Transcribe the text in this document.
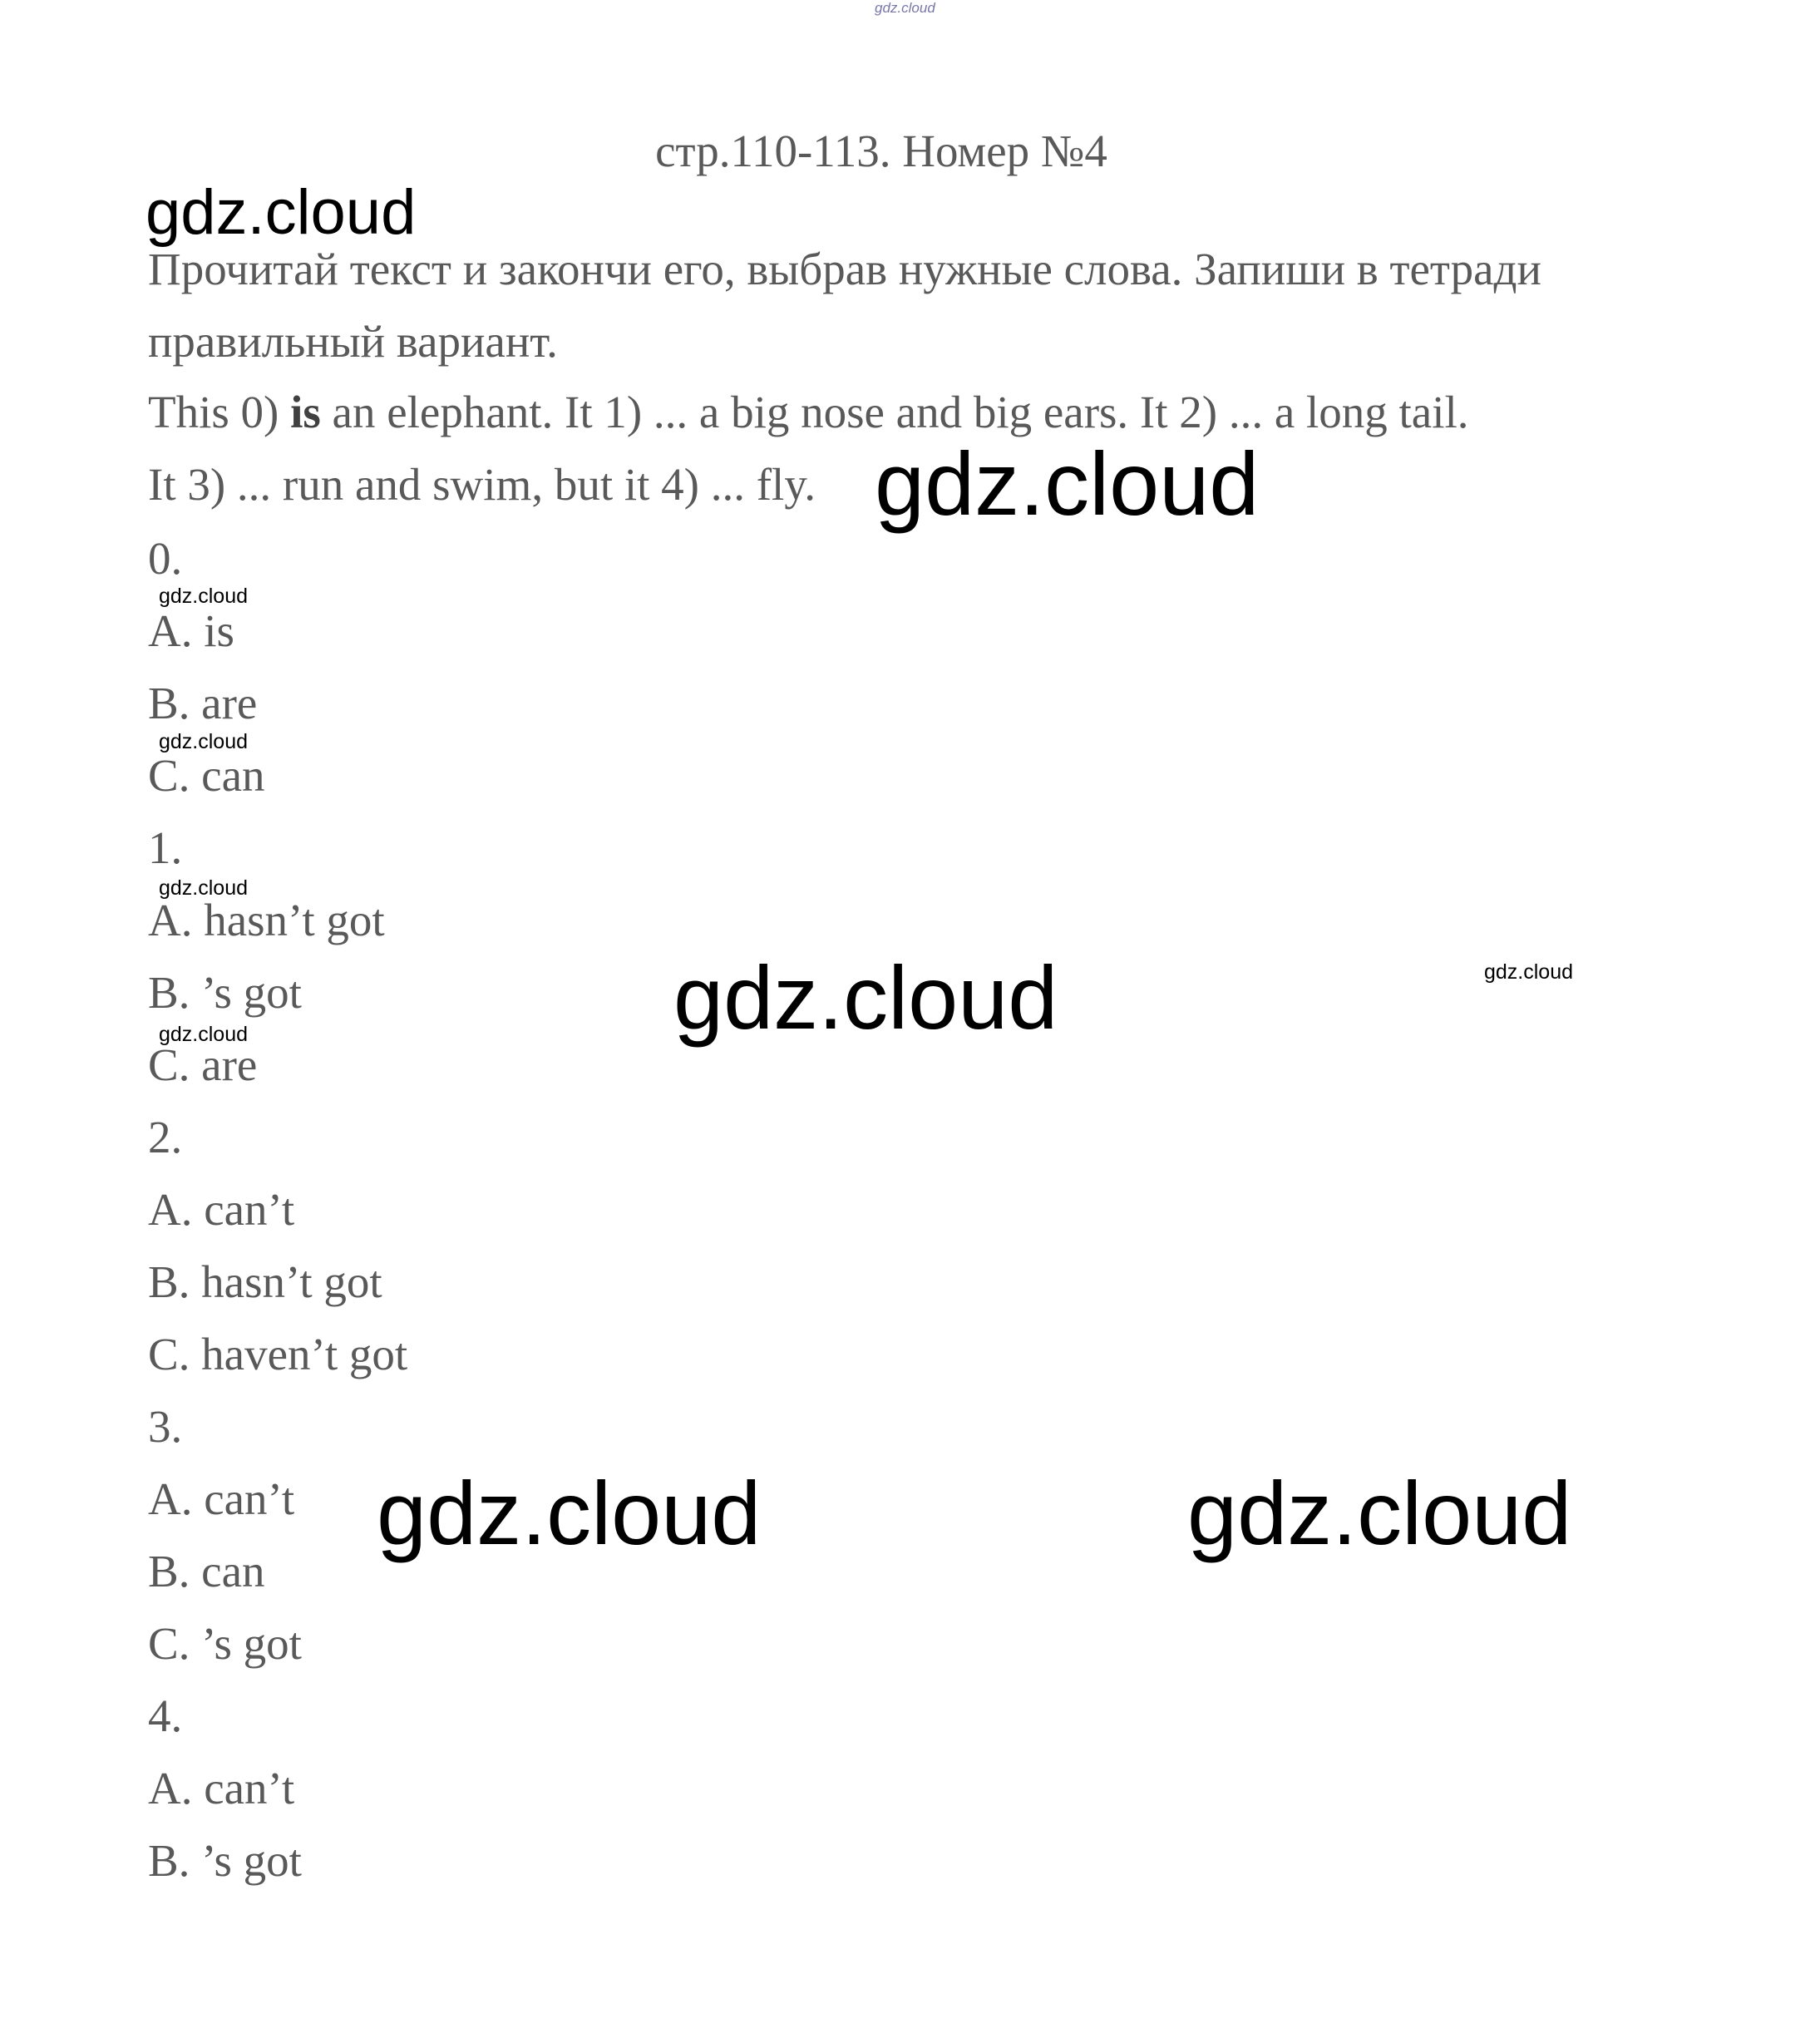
gdz.cloud
стр.110-113. Номер №4
Прочитай текст и закончи его, выбрав нужные слова. Запиши в тетради правильный вариант.
This 0) is an elephant. It 1) ... a big nose and big ears. It 2) ... a long tail.
It 3) ... run and swim, but it 4) ... fly.
0.
A. is
B. are
C. can
1.
A. hasn’t got
B. ’s got
C. are
2.
A. can’t
B. hasn’t got
C. haven’t got
3.
A. can’t
B. can
C. ’s got
4.
A. can’t
B. ’s got
gdz.cloud
gdz.cloud
gdz.cloud
gdz.cloud
gdz.cloud
gdz.cloud
gdz.cloud
gdz.cloud
gdz.cloud	gdz.cloud
